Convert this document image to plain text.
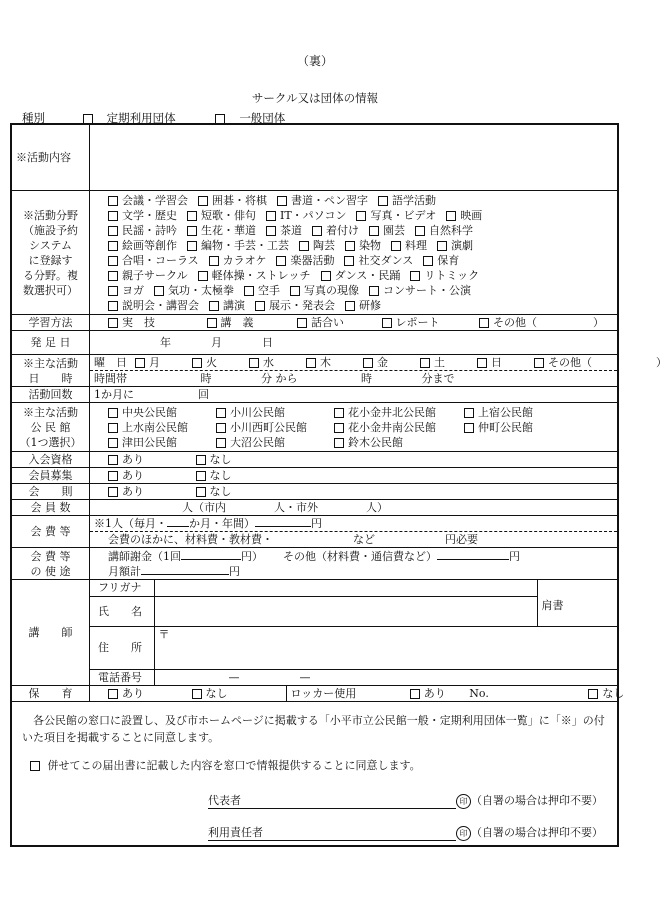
（裏）
サークル又は団体の情報
種別	定期利用団体	一般団体
※活動内容	

※活動分野
（施設予約
システム
に登録す
る分野。複
数選択可）

会議・学習会 囲碁・将棋 書道・ペン習字 語学活動
文学・歴史 短歌・俳句 IT・パソコン 写真・ビデオ 映画
民謡・詩吟 生花・華道 茶道 着付け 園芸 自然科学
絵画等創作 編物・手芸・工芸 陶芸 染物 料理 演劇
合唱・コーラス カラオケ 楽器活動 社交ダンス 保育
親子サークル 軽体操・ストレッチ ダンス・民踊 リトミック
ヨガ 気功・太極拳 空手 写真の現像 コンサート・公演
説明会・講習会 講演 展示・発表会 研修

学習方法	実　技	講　義	話合い	レポート	その他（	）
発 足 日	年	月	日

※主な活動
日　　時

曜　日 月	火	水	木	金	土	日	その他（	）
時間帯	時	分 から	時	分まで

活動回数	1か月に	回

※主な活動
公 民 館
（1つ選択）

中央公民館	小川公民館	花小金井北公民館	上宿公民館
上水南公民館	小川西町公民館	花小金井南公民館	仲町公民館
津田公民館	大沼公民館	鈴木公民館

入会資格	あり	なし
会員募集	あり	なし
会　　則	あり	なし
会 員 数	人（市内	人・市外	人）
会 費 等	
※1人（毎月・ か月・年間）	円
会費のほかに、材料費・教材費・	など	円必要

会 費 等
の 使 途

講師謝金（1回	円） その他（材料費・通信費など）	円
月額計	円

講　　師	
フリガナ		肩書
氏　　名	
住　　所	〒
電話番号	—	—

保　　育		あり	なし	ロッカー使用	あり No.	なし

各公民館の窓口に設置し、及び市ホームページに掲載する「小平市立公民館一般・定期利用団体一覧」に「※」の付いた項目を掲載することに同意します。
併せてこの届出書に記載した内容を窓口で情報提供することに同意します。
代表者	印 （自署の場合は押印不要）
利用責任者	印 （自署の場合は押印不要）
